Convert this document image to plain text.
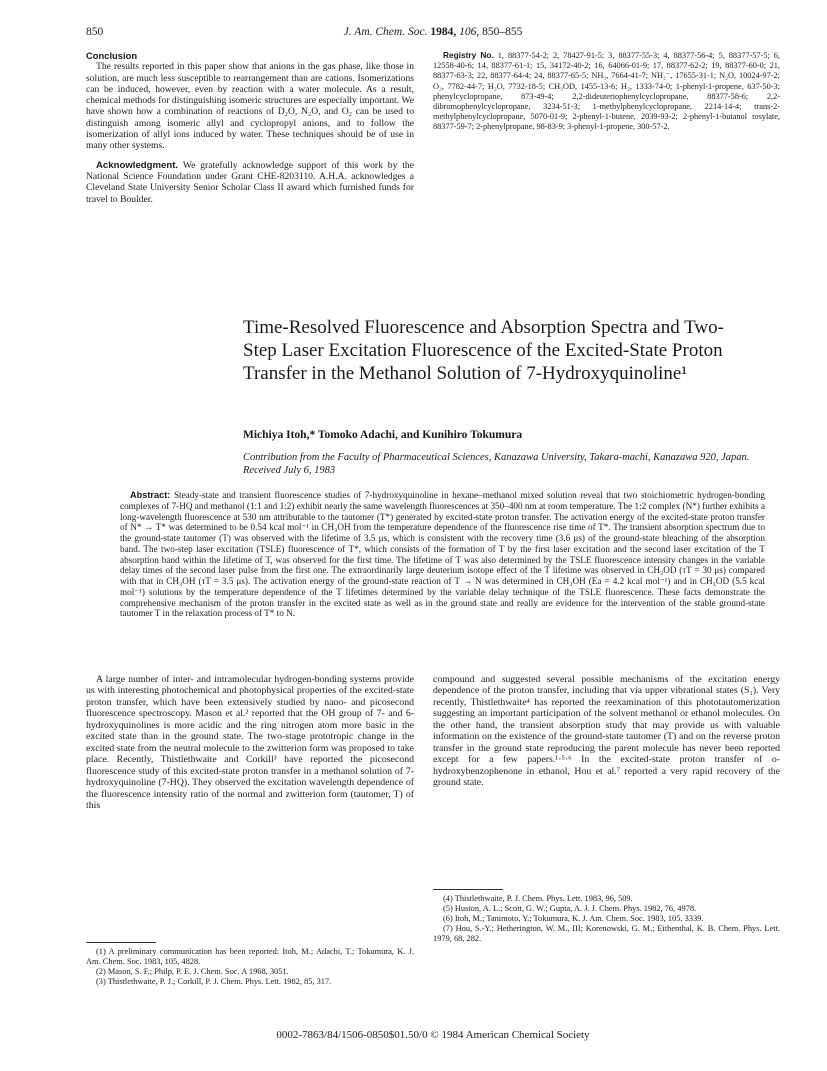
850	J. Am. Chem. Soc. 1984, 106, 850–855

Conclusion

The results reported in this paper show that anions in the gas phase, like those in solution, are much less susceptible to rearrangement than are cations. Isomerizations can be induced, however, even by reaction with a water molecule. As a result, chemical methods for distinguishing isomeric structures are especially important. We have shown how a combination of reactions of D₂O, N₂O, and O₂ can be used to distinguish among isomeric allyl and cyclopropyl anions, and to follow the isomerization of allyl ions induced by water. These techniques should be of use in many other systems.

Acknowledgment. We gratefully acknowledge support of this work by the National Science Foundation under Grant CHE-8203110. A.H.A. acknowledges a Cleveland State University Senior Scholar Class II award which furnished funds for travel to Boulder.

Registry No. 1, 88377-54-2; 2, 78427-91-5; 3, 88377-55-3; 4, 88377-56-4; 5, 88377-57-5; 6, 12558-40-6; 14, 88377-61-1; 15, 34172-40-2; 16, 64066-01-9; 17, 88377-62-2; 19, 88377-60-0; 21, 88377-63-3; 22, 88377-64-4; 24, 88377-65-5; NH₃, 7664-41-7; NH₂⁻, 17655-31-1; N₂O, 10024-97-2; O₂, 7782-44-7; H₂O, 7732-18-5; CH₃OD, 1455-13-6; H₂, 1333-74-0; 1-phenyl-1-propene, 637-50-3; phenylcyclopropane, 873-49-4; 2,2-dideuteriophenylcyclopropane, 88377-58-6; 2,2-dibromophenylcyclopropane, 3234-51-3; 1-methylphenylcyclopropane, 2214-14-4; trans-2-methylphenylcyclopropane, 5070-01-9; 2-phenyl-1-butene, 2039-93-2; 2-phenyl-1-butanol tosylate, 88377-59-7; 2-phenylpropane, 98-83-9; 3-phenyl-1-propene, 300-57-2.

Time-Resolved Fluorescence and Absorption Spectra and Two-Step Laser Excitation Fluorescence of the Excited-State Proton Transfer in the Methanol Solution of 7-Hydroxyquinoline¹

Michiya Itoh,* Tomoko Adachi, and Kunihiro Tokumura

Contribution from the Faculty of Pharmaceutical Sciences, Kanazawa University, Takara-machi, Kanazawa 920, Japan. Received July 6, 1983

Abstract: Steady-state and transient fluorescence studies of 7-hydroxyquinoline in hexane–methanol mixed solution reveal that two stoichiometric hydrogen-bonding complexes of 7-HQ and methanol (1:1 and 1:2) exhibit nearly the same wavelength fluorescences at 350–400 nm at room temperature. The 1:2 complex (N*) further exhibits a long-wavelength fluorescence at 530 nm attributable to the tautomer (T*) generated by excited-state proton transfer. The activation energy of the excited-state proton transfer of N* → T* was determined to be 0.54 kcal mol⁻¹ in CH₃OH from the temperature dependence of the fluorescence rise time of T*. The transient absorption spectrum due to the ground-state tautomer (T) was observed with the lifetime of 3.5 μs, which is consistent with the recovery time (3.6 μs) of the ground-state bleaching of the absorption band. The two-step laser excitation (TSLE) fluorescence of T*, which consists of the formation of T by the first laser excitation and the second laser excitation of the T absorption band within the lifetime of T, was observed for the first time. The lifetime of T was also determined by the TSLE fluorescence intensity changes in the variable delay times of the second laser pulse from the first one. The extraordinarily large deuterium isotope effect of the T lifetime was observed in CH₃OD (τT = 30 μs) compared with that in CH₃OH (τT = 3.5 μs). The activation energy of the ground-state reaction of T → N was determined in CH₃OH (Ea = 4.2 kcal mol⁻¹) and in CH₃OD (5.5 kcal mol⁻¹) solutions by the temperature dependence of the T lifetimes determined by the variable delay technique of the TSLE fluorescence. These facts demonstrate the comprehensive mechanism of the proton transfer in the excited state as well as in the ground state and really are evidence for the intervention of the stable ground-state tautomer T in the relaxation process of T* to N.

A large number of inter- and intramolecular hydrogen-bonding systems provide us with interesting photochemical and photophysical properties of the excited-state proton transfer, which have been extensively studied by nano- and picosecond fluorescence spectroscopy. Mason et al.² reported that the OH group of 7- and 6-hydroxyquinolines is more acidic and the ring nitrogen atom more basic in the excited state than in the ground state. The two-stage prototropic change in the excited state from the neutral molecule to the zwitterion form was proposed to take place. Recently, Thistlethwaite and Corkill³ have reported the picosecond fluorescence study of this excited-state proton transfer in a methanol solution of 7-hydroxyquinoline (7-HQ). They observed the excitation wavelength dependence of the fluorescence intensity ratio of the normal and zwitterion form (tautomer, T) of this

compound and suggested several possible mechanisms of the excitation energy dependence of the proton transfer, including that via upper vibrational states (S₁). Very recently, Thistlethwaite⁴ has reported the reexamination of this phototautomerization suggesting an important participation of the solvent methanol or ethanol molecules. On the other hand, the transient absorption study that may provide us with valuable information on the existence of the ground-state tautomer (T) and on the reverse proton transfer in the ground state reproducing the parent molecule has never been reported except for a few papers.¹·⁵·⁶ In the excited-state proton transfer of o-hydroxybenzophenone in ethanol, Hou et al.⁷ reported a very rapid recovery of the ground state.

(1) A preliminary communication has been reported: Itoh, M.; Adachi, T.; Tokumura, K. J. Am. Chem. Soc. 1983, 105, 4828.

(2) Mason, S. F.; Philp, P. E. J. Chem. Soc. A 1968, 3051.

(3) Thistlethwaite, P. J.; Corkill, P. J. Chem. Phys. Lett. 1982, 85, 317.

(4) Thistlethwaite, P. J. Chem. Phys. Lett. 1983, 96, 509.

(5) Huston, A. L.; Scott, G. W.; Gupta, A. J. J. Chem. Phys. 1982, 76, 4978.

(6) Itoh, M.; Tanimoto, Y.; Tokumura, K. J. Am. Chem. Soc. 1983, 105, 3339.

(7) Hou, S.-Y.; Hetherington, W. M., III; Korenowski, G. M.; Eithenthal, K. B. Chem. Phys. Lett. 1979, 68, 282.

0002-7863/84/1506-0850$01.50/0 © 1984 American Chemical Society
